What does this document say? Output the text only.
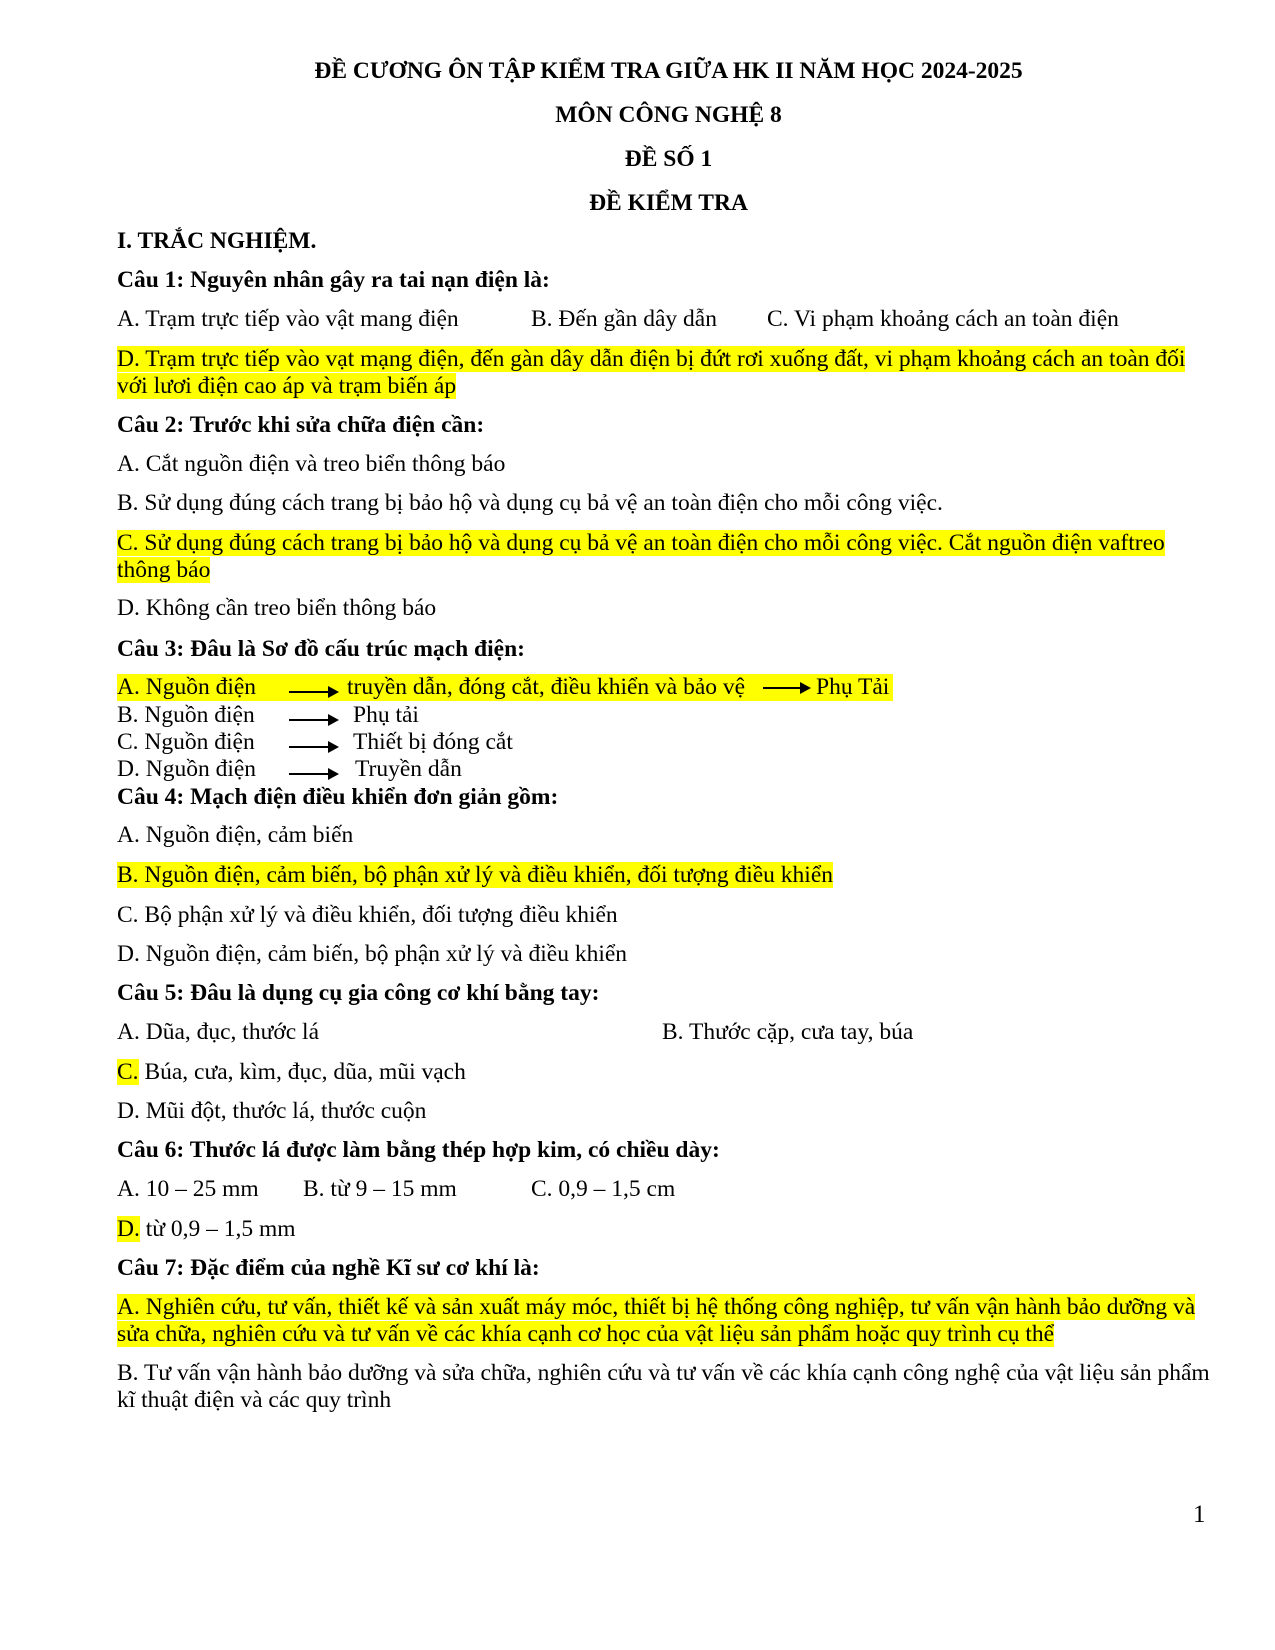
ĐỀ CƯƠNG ÔN TẬP KIỂM TRA GIỮA HK II NĂM HỌC 2024-2025
MÔN CÔNG NGHỆ 8
ĐỀ SỐ 1
ĐỀ KIỂM TRA
I. TRẮC NGHIỆM.
Câu 1: Nguyên nhân gây ra tai nạn điện là:
A. Trạm trực tiếp vào vật mang điện	B. Đến gần dây dẫn C. Vi phạm khoảng cách an toàn điện
D. Trạm trực tiếp vào vạt mạng điện, đến gàn dây dẫn điện bị đứt rơi xuống đất, vi phạm khoảng cách an toàn đối với lươi điện cao áp và trạm biến áp
Câu 2: Trước khi sửa chữa điện cần:
A. Cắt nguồn điện và treo biển thông báo
B. Sử dụng đúng cách trang bị bảo hộ và dụng cụ bả vệ an toàn điện cho mỗi công việc.
C. Sử dụng đúng cách trang bị bảo hộ và dụng cụ bả vệ an toàn điện cho mỗi công việc. Cắt nguồn điện vaftreo thông báo
D. Không cần treo biển thông báo
Câu 3: Đâu là Sơ đồ cấu trúc mạch điện:
A. Nguồn điện	truyền dẫn, đóng cắt, điều khiển và bảo vệ	Phụ Tải
B. Nguồn điện	Phụ tải
C. Nguồn điện	Thiết bị đóng cắt
D. Nguồn điện	Truyền dẫn
Câu 4: Mạch điện điều khiển đơn giản gồm:
A. Nguồn điện, cảm biến
B. Nguồn điện, cảm biến, bộ phận xử lý và điều khiển, đối tượng điều khiển
C. Bộ phận xử lý và điều khiển, đối tượng điều khiển
D. Nguồn điện, cảm biến, bộ phận xử lý và điều khiển
Câu 5: Đâu là dụng cụ gia công cơ khí bằng tay:
A. Dũa, đục, thước lá	B. Thước cặp, cưa tay, búa
C. Búa, cưa, kìm, đục, dũa, mũi vạch
D. Mũi đột, thước lá, thước cuộn
Câu 6: Thước lá được làm bằng thép hợp kim, có chiều dày:
A. 10 – 25 mm B. từ 9 – 15 mm	C. 0,9 – 1,5 cm
D. từ 0,9 – 1,5 mm
Câu 7: Đặc điểm của nghề Kĩ sư cơ khí là:
A. Nghiên cứu, tư vấn, thiết kế và sản xuất máy móc, thiết bị hệ thống công nghiệp, tư vấn vận hành bảo dưỡng và sửa chữa, nghiên cứu và tư vấn về các khía cạnh cơ học của vật liệu sản phẩm hoặc quy trình cụ thể
B. Tư vấn vận hành bảo dưỡng và sửa chữa, nghiên cứu và tư vấn về các khía cạnh công nghệ của vật liệu sản phẩm kĩ thuật điện và các quy trình
1
